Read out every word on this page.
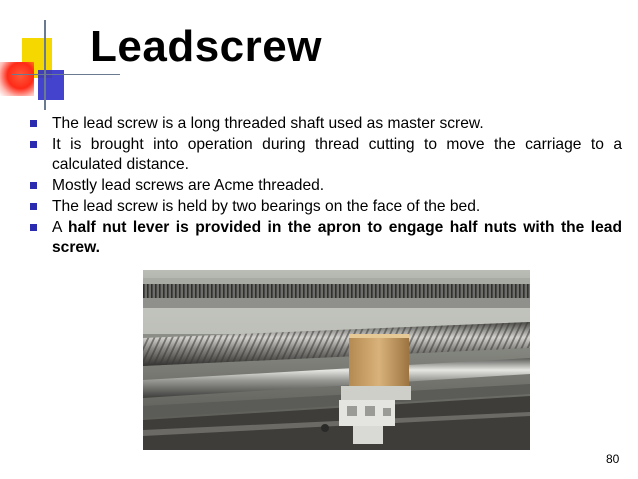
Leadscrew
The lead screw is a long threaded shaft used as master screw.
It is brought into operation during thread cutting to move the carriage to a calculated distance.
Mostly lead screws are Acme threaded.
The lead screw is held by two bearings on the face of the bed.
A half nut lever is provided in the apron to engage half nuts with the lead screw.
80
